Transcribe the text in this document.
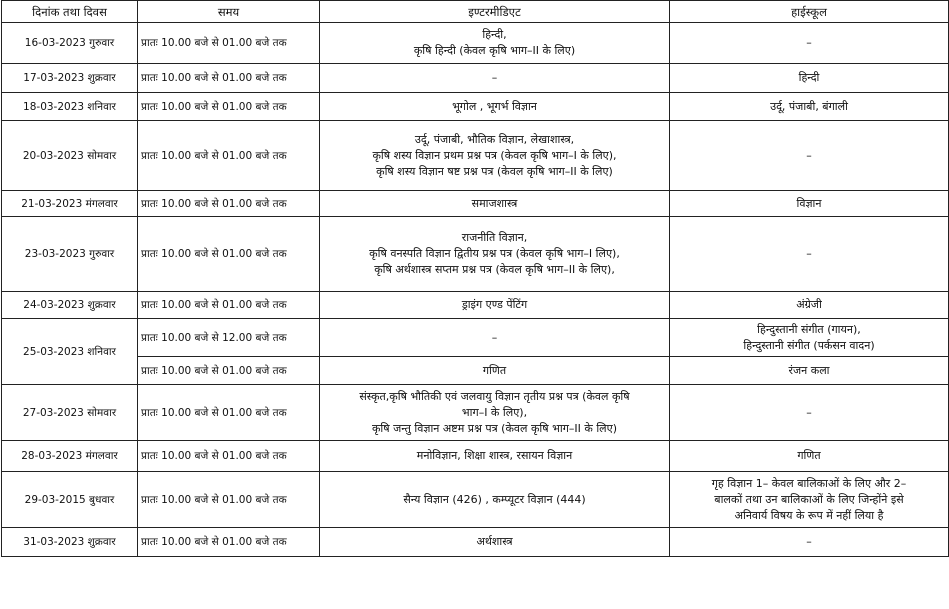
दिनांक तथा दिवस	समय	इण्टरमीडिएट	हाईस्कूल
16-03-2023 गुरुवार	प्रातः 10.00 बजे से 01.00 बजे तक	हिन्दी,
कृषि हिन्दी (केवल कृषि भाग–II के लिए)	–

17-03-2023 शुक्रवार	प्रातः 10.00 बजे से 01.00 बजे तक	–	हिन्दी

18-03-2023 शनिवार	प्रातः 10.00 बजे से 01.00 बजे तक	भूगोल , भूगर्भ विज्ञान	उर्दू, पंजाबी, बंगाली

20-03-2023 सोमवार	प्रातः 10.00 बजे से 01.00 बजे तक	उर्दू, पंजाबी, भौतिक विज्ञान, लेखाशास्त्र,
कृषि शस्य विज्ञान प्रथम प्रश्न पत्र (केवल कृषि भाग–I के लिए),
कृषि शस्य विज्ञान षष्ट प्रश्न पत्र (केवल कृषि भाग–II के लिए)	–

21-03-2023 मंगलवार	प्रातः 10.00 बजे से 01.00 बजे तक	समाजशास्त्र	विज्ञान

23-03-2023 गुरुवार	प्रातः 10.00 बजे से 01.00 बजे तक	राजनीति विज्ञान,
कृषि वनस्पति विज्ञान द्वितीय प्रश्न पत्र (केवल कृषि भाग–I लिए),
कृषि अर्थशास्त्र सप्तम प्रश्न पत्र (केवल कृषि भाग–II के लिए),	–

24-03-2023 शुक्रवार	प्रातः 10.00 बजे से 01.00 बजे तक	ड्राइंग एण्ड पेंटिंग	अंग्रेजी

25-03-2023 शनिवार	प्रातः 10.00 बजे से 12.00 बजे तक	–	हिन्दुस्तानी संगीत (गायन),
हिन्दुस्तानी संगीत (पर्कसन वादन)

	प्रातः 10.00 बजे से 01.00 बजे तक	गणित	रंजन कला

27-03-2023 सोमवार	प्रातः 10.00 बजे से 01.00 बजे तक	संस्कृत,कृषि भौतिकी एवं जलवायु विज्ञान तृतीय प्रश्न पत्र (केवल कृषि
भाग–I के लिए),
कृषि जन्तु विज्ञान अष्टम प्रश्न पत्र (केवल कृषि भाग–II के लिए)	–

28-03-2023 मंगलवार	प्रातः 10.00 बजे से 01.00 बजे तक	मनोविज्ञान, शिक्षा शास्त्र, रसायन विज्ञान	गणित

29-03-2015 बुधवार	प्रातः 10.00 बजे से 01.00 बजे तक	सैन्य विज्ञान (426) , कम्प्यूटर विज्ञान (444)	गृह विज्ञान 1– केवल बालिकाओं के लिए और 2–
बालकों तथा उन बालिकाओं के लिए जिन्होंने इसे
अनिवार्य विषय के रूप में नहीं लिया है

31-03-2023 शुक्रवार	प्रातः 10.00 बजे से 01.00 बजे तक	अर्थशास्त्र	–
